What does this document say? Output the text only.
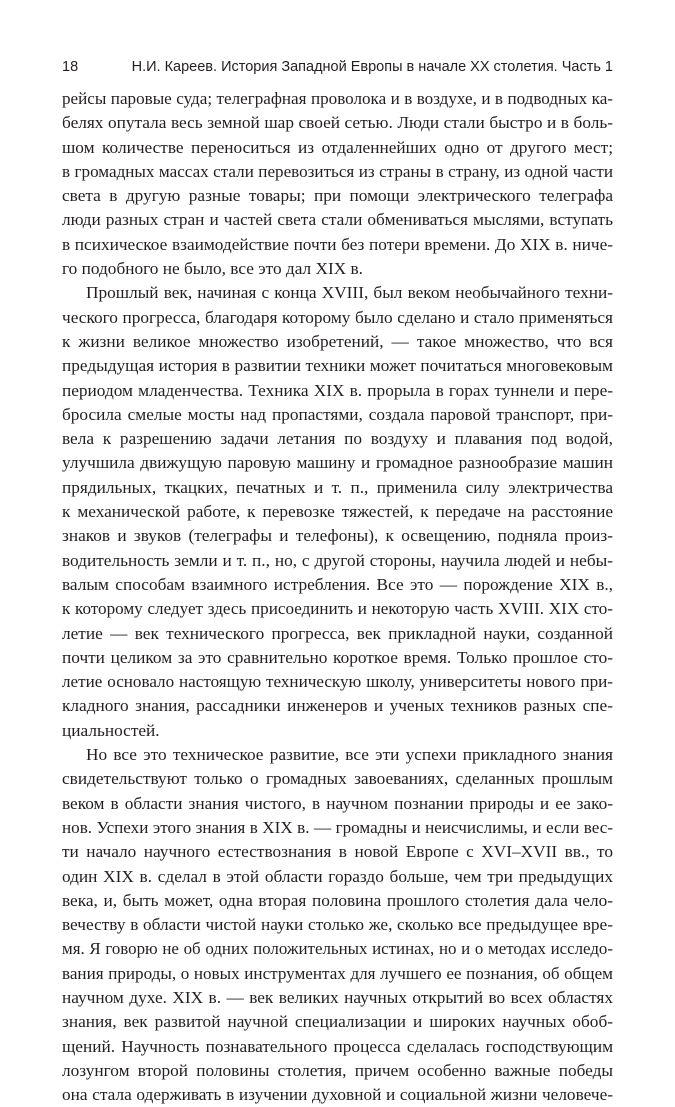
18	Н.И. Кареев. История Западной Европы в начале XX столетия. Часть 1
рейсы паровые суда; телеграфная проволока и в воздухе, и в подводных ка-
белях опутала весь земной шар своей сетью. Люди стали быстро и в боль-
шом количестве переноситься из отдаленнейших одно от другого мест;
в громадных массах стали перевозиться из страны в страну, из одной части
света в другую разные товары; при помощи электрического телеграфа
люди разных стран и частей света стали обмениваться мыслями, вступать
в психическое взаимодействие почти без потери времени. До XIX в. ниче-
го подобного не было, все это дал XIX в.
Прошлый век, начиная с конца XVIII, был веком необычайного техни-
ческого прогресса, благодаря которому было сделано и стало применяться
к жизни великое множество изобретений, — такое множество, что вся
предыдущая история в развитии техники может почитаться многовековым
периодом младенчества. Техника XIX в. прорыла в горах туннели и пере-
бросила смелые мосты над пропастями, создала паровой транспорт, при-
вела к разрешению задачи летания по воздуху и плавания под водой,
улучшила движущую паровую машину и громадное разнообразие машин
прядильных, ткацких, печатных и т. п., применила силу электричества
к механической работе, к перевозке тяжестей, к передаче на расстояние
знаков и звуков (телеграфы и телефоны), к освещению, подняла произ-
водительность земли и т. п., но, с другой стороны, научила людей и небы-
валым способам взаимного истребления. Все это — порождение XIX в.,
к которому следует здесь присоединить и некоторую часть XVIII. XIX сто-
летие — век технического прогресса, век прикладной науки, созданной
почти целиком за это сравнительно короткое время. Только прошлое сто-
летие основало настоящую техническую школу, университеты нового при-
кладного знания, рассадники инженеров и ученых техников разных спе-
циальностей.
Но все это техническое развитие, все эти успехи прикладного знания
свидетельствуют только о громадных завоеваниях, сделанных прошлым
веком в области знания чистого, в научном познании природы и ее зако-
нов. Успехи этого знания в XIX в. — громадны и неисчислимы, и если вес-
ти начало научного естествознания в новой Европе с XVI–XVII вв., то
один XIX в. сделал в этой области гораздо больше, чем три предыдущих
века, и, быть может, одна вторая половина прошлого столетия дала чело-
вечеству в области чистой науки столько же, сколько все предыдущее вре-
мя. Я говорю не об одних положительных истинах, но и о методах исследо-
вания природы, о новых инструментах для лучшего ее познания, об общем
научном духе. XIX в. — век великих научных открытий во всех областях
знания, век развитой научной специализации и широких научных обоб-
щений. Научность познавательного процесса сделалась господствующим
лозунгом второй половины столетия, причем особенно важные победы
она стала одерживать в изучении духовной и социальной жизни человече-
